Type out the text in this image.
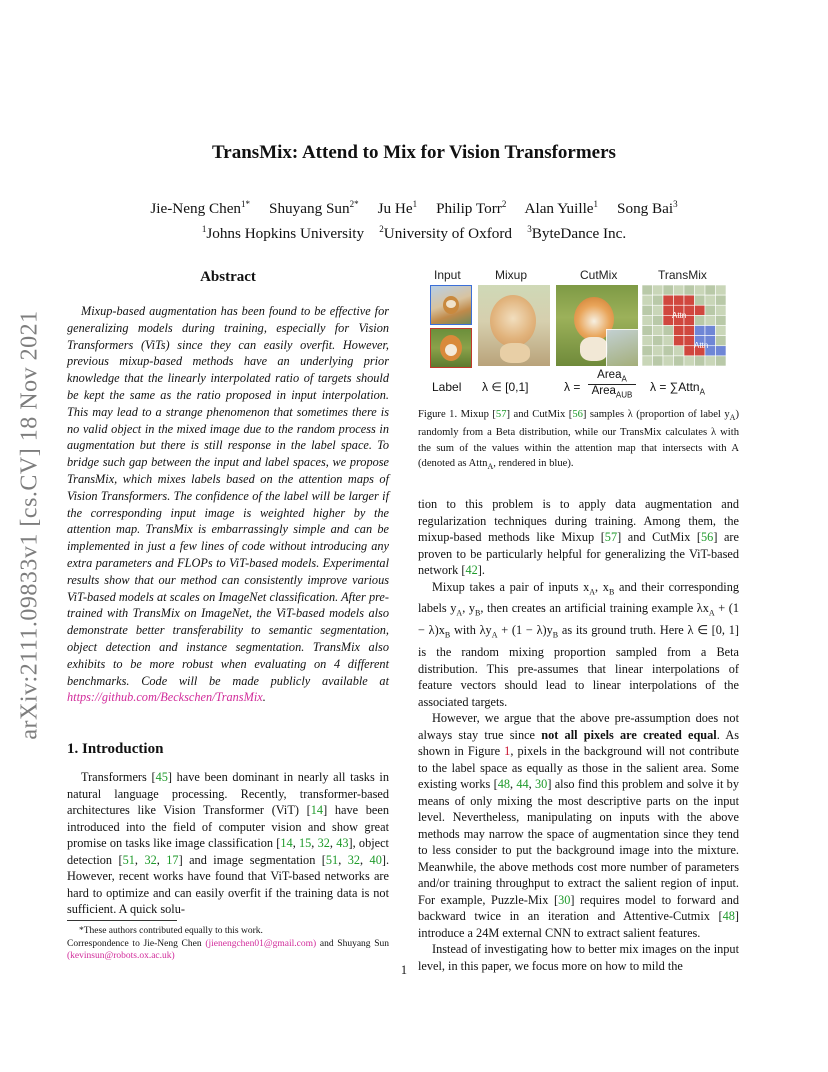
TransMix: Attend to Mix for Vision Transformers
Jie-Neng Chen$^{1*}$  Shuyang Sun$^{2*}$  Ju He$^1$  Philip Torr$^2$  Alan Yuille$^1$  Song Bai$^3$
$^1$Johns Hopkins University  $^2$University of Oxford  $^3$ByteDance Inc.
arXiv:2111.09833v1 [cs.CV] 18 Nov 2021
Abstract

Mixup-based augmentation has been found to be effective for generalizing models during training, especially for Vision Transformers (ViTs) since they can easily overfit. However, previous mixup-based methods have an underlying prior knowledge that the linearly interpolated ratio of targets should be kept the same as the ratio proposed in input interpolation. This may lead to a strange phenomenon that sometimes there is no valid object in the mixed image due to the random process in augmentation but there is still response in the label space. To bridge such gap between the input and label spaces, we propose TransMix, which mixes labels based on the attention maps of Vision Transformers. The confidence of the label will be larger if the corresponding input image is weighted higher by the attention map. TransMix is embarrassingly simple and can be implemented in just a few lines of code without introducing any extra parameters and FLOPs to ViT-based models. Experimental results show that our method can consistently improve various ViT-based models at scales on ImageNet classification. After pre-trained with TransMix on ImageNet, the ViT-based models also demonstrate better transferability to semantic segmentation, object detection and instance segmentation. TransMix also exhibits to be more robust when evaluating on 4 different benchmarks. Code will be made publicly available at https://github.com/Beckschen/TransMix.

1. Introduction

Transformers [45] have been dominant in nearly all tasks in natural language processing. Recently, transformer-based architectures like Vision Transformer (ViT) [14] have been introduced into the field of computer vision and show great promise on tasks like image classification [14, 15, 32, 43], object detection [51, 32, 17] and image segmentation [51, 32, 40]. However, recent works have found that ViT-based networks are hard to optimize and can easily overfit if the training data is not sufficient. A quick solu-

*These authors contributed equally to this work.

Correspondence to Jie-Neng Chen (jienengchen01@gmail.com) and Shuyang Sun (kevinsun@robots.ox.ac.uk)

Input	Mixup	CutMix	TransMix
Attn
Attn
Label λ ∈ [0,1]	λ =
Area$_A$
Area$_{AUB}$
λ = ∑Attn$_A$

Figure 1. Mixup [57] and CutMix [56] samples λ (proportion of label $y_A$) randomly from a Beta distribution, while our TransMix calculates λ with the sum of the values within the attention map that intersects with A (denoted as Attn$_A$, rendered in blue).

tion to this problem is to apply data augmentation and regularization techniques during training. Among them, the mixup-based methods like Mixup [57] and CutMix [56] are proven to be particularly helpful for generalizing the ViT-based network [42].

Mixup takes a pair of inputs $x_A$, $x_B$ and their corresponding labels $y_A$, $y_B$, then creates an artificial training example $\lambda x_A + (1 - \lambda)x_B$ with $\lambda y_A + (1 - \lambda)y_B$ as its ground truth. Here λ ∈ [0, 1] is the random mixing proportion sampled from a Beta distribution. This pre-assumes that linear interpolations of feature vectors should lead to linear interpolations of the associated targets.

However, we argue that the above pre-assumption does not always stay true since not all pixels are created equal. As shown in Figure 1, pixels in the background will not contribute to the label space as equally as those in the salient area. Some existing works [48, 44, 30] also find this problem and solve it by means of only mixing the most descriptive parts on the input level. Nevertheless, manipulating on inputs with the above methods may narrow the space of augmentation since they tend to less consider to put the background image into the mixture. Meanwhile, the above methods cost more number of parameters and/or training throughput to extract the salient region of input. For example, Puzzle-Mix [30] requires model to forward and backward twice in an iteration and Attentive-Cutmix [48] introduce a 24M external CNN to extract salient features.

Instead of investigating how to better mix images on the input level, in this paper, we focus more on how to mild the

1
